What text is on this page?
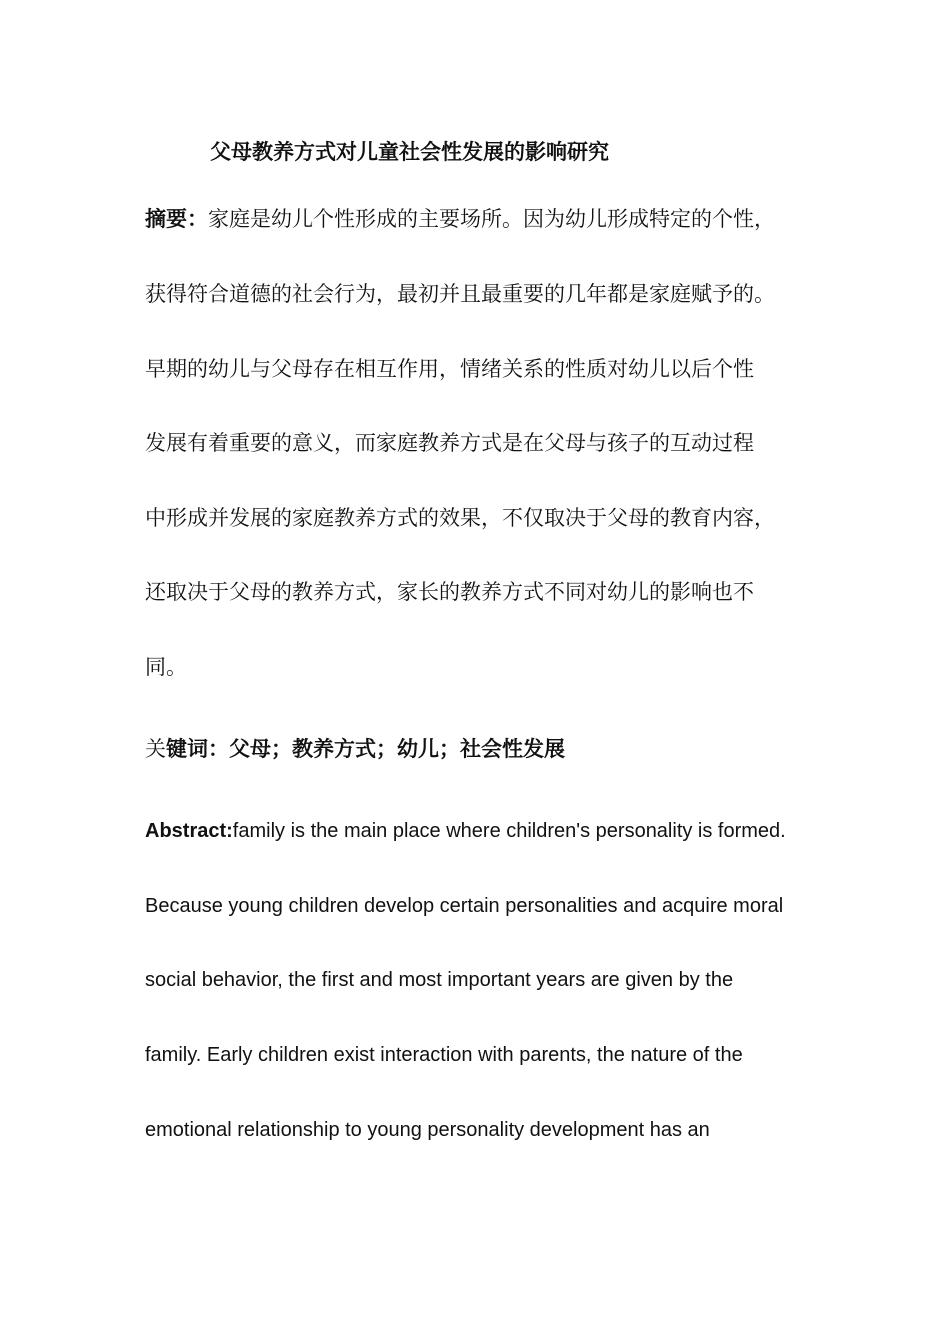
父母教养方式对儿童社会性发展的影响研究
摘要：家庭是幼儿个性形成的主要场所。因为幼儿形成特定的个性，
获得符合道德的社会行为，最初并且最重要的几年都是家庭赋予的。
早期的幼儿与父母存在相互作用，情绪关系的性质对幼儿以后个性
发展有着重要的意义，而家庭教养方式是在父母与孩子的互动过程
中形成并发展的家庭教养方式的效果，不仅取决于父母的教育内容，
还取决于父母的教养方式，家长的教养方式不同对幼儿的影响也不
同。
关键词：父母；教养方式；幼儿；社会性发展
Abstract:family is the main place where children's personality is formed.
Because young children develop certain personalities and acquire moral
social behavior, the first and most important years are given by the
family. Early children exist interaction with parents, the nature of the
emotional relationship to young personality development has an
